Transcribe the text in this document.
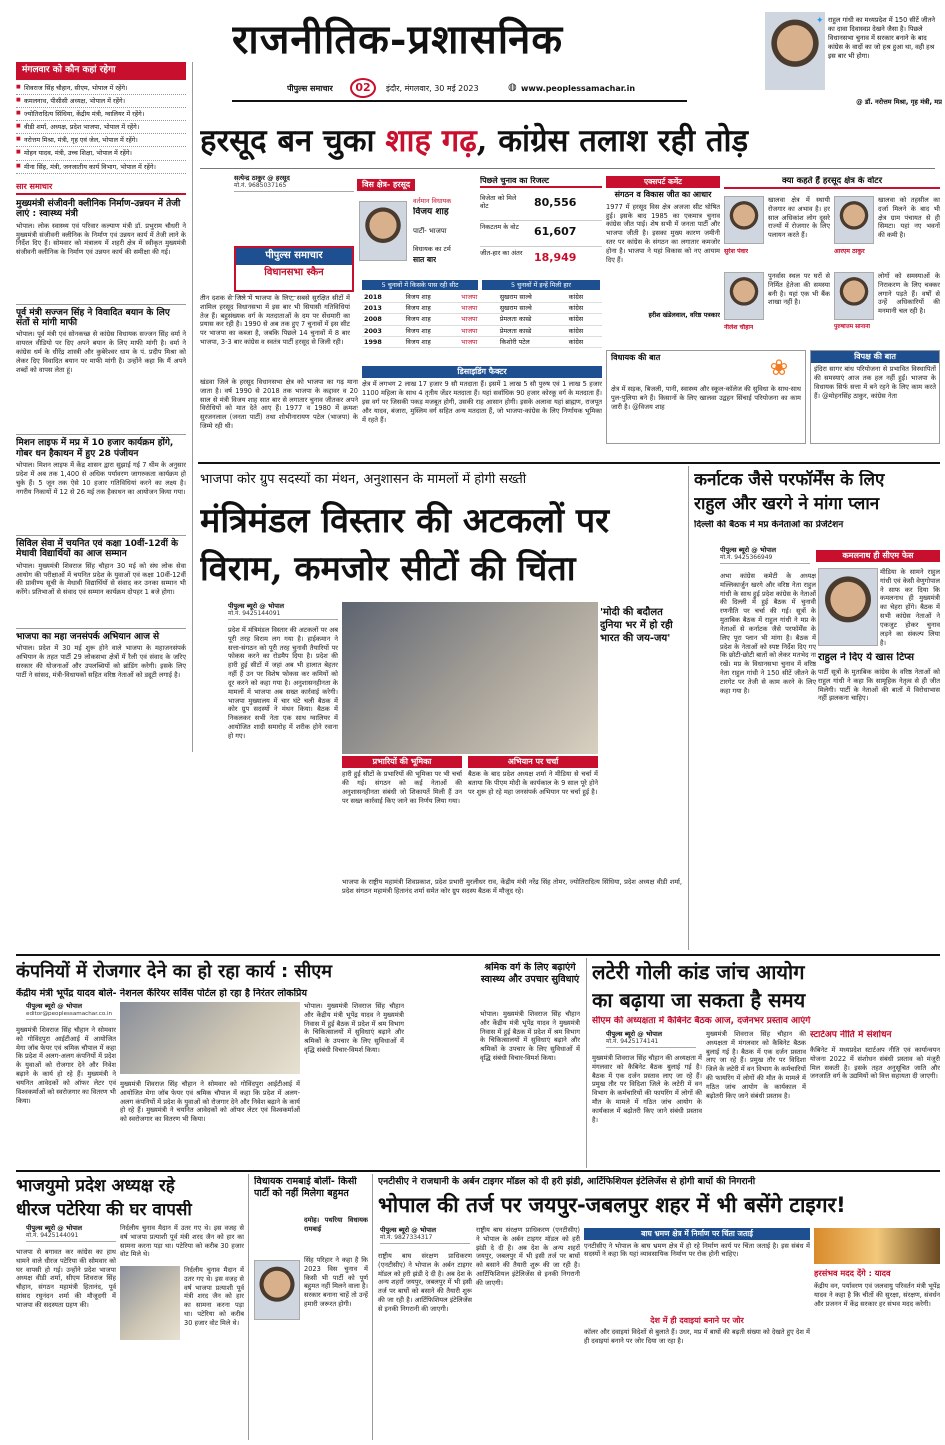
राजनीतिक-प्रशासनिक
पीपुल्स समाचार	02	इंदौर, मंगलवार, 30 मई 2023	◍ www.peoplessamachar.in
✦ राहुल गांधी का मध्यप्रदेश में 150 सीटें जीतने का दावा दिवास्वप्न देखने जैसा है। पिछले विधानसभा चुनाव में सरकार बनाने के बाद कांग्रेस के वादों का जो हश्र हुआ था, वही हश्र इस बार भी होगा।
@ डॉ. नरोत्तम मिश्रा, गृह मंत्री, मप्र
मंगलवार को कौन कहां रहेगा
■ शिवराज सिंह चौहान, सीएम, भोपाल में रहेंगे।
■ कमलनाथ, पीसीसी अध्यक्ष, भोपाल में रहेंगे।
■ ज्योतिरादित्य सिंधिया, केंद्रीय मंत्री, ग्वालियर में रहेंगे।
■ वीडी शर्मा, अध्यक्ष, प्रदेश भाजपा, भोपाल में रहेंगे।
■ नरोत्तम मिश्रा, मंत्री, गृह एवं जेल, भोपाल में रहेंगे।
■ मोहन यादव, मंत्री, उच्च शिक्षा, भोपाल में रहेंगे।
■ मीना सिंह, मंत्री, जनजातीय कार्य विभाग, भोपाल में रहेंगे।
सार समाचार
मुख्यमंत्री संजीवनी क्लीनिक निर्माण-उन्नयन में तेजी लाएं : स्वास्थ्य मंत्री
भोपाल। लोक स्वास्थ्य एवं परिवार कल्याण मंत्री डॉ. प्रभुराम चौधरी ने मुख्यमंत्री संजीवनी क्लीनिक के निर्माण एवं उन्नयन कार्य में तेजी लाने के निर्देश दिए हैं। सोमवार को मंत्रालय में शहरी क्षेत्र में स्वीकृत मुख्यमंत्री संजीवनी क्लीनिक के निर्माण एवं उन्नयन कार्य की समीक्षा की गई।
पूर्व मंत्री सज्जन सिंह ने विवादित बयान के लिए संतों से मांगी माफी
भोपाल। पूर्व मंत्री एवं सोनकच्छ से कांग्रेस विधायक सज्जन सिंह वर्मा ने वायरल वीडियो पर दिए अपने बयान के लिए माफी मांगी है। वर्मा ने कांग्रेस धर्म के धीरेंद्र शास्त्री और कुबेरेश्वर धाम के पं. प्रदीप मिश्रा को लेकर दिए विवादित बयान पर माफी मांगी है। उन्होंने कहा कि मैं अपने शब्दों को वापस लेता हूं।
मिशन लाइफ में मप्र में 10 हजार कार्यक्रम होंगे, गोबर धन हैकाथन में हुए 28 पंजीयन
भोपाल। मिशन लाइफ में केंद्र शासन द्वारा सुझाई गई 7 थीम के अनुसार प्रदेश में अब तक 1,400 से अधिक पर्यावरण जागरुकता कार्यक्रम हो चुके हैं। 5 जून तक ऐसे 10 हजार गतिविधियां करने का लक्ष्य है। नगरीय निकायों में 12 से 26 मई तक हैकाथन का आयोजन किया गया।
सिविल सेवा में चयनित एवं कक्षा 10वीं-12वीं के मेधावी विद्यार्थियों का आज सम्मान
भोपाल। मुख्यमंत्री शिवराज सिंह चौहान 30 मई को संघ लोक सेवा आयोग की परीक्षाओं में चयनित प्रदेश के युवाओं एवं कक्षा 10वीं-12वीं की प्रावीण्य सूची के मेधावी विद्यार्थियों से संवाद कर उनका सम्मान भी करेंगे। प्रतिभाओं से संवाद एवं सम्मान कार्यक्रम दोपहर 1 बजे होगा।
भाजपा का महा जनसंपर्क अभियान आज से
भोपाल। प्रदेश में 30 मई शुरू होने वाले भाजपा के महाजनसंपर्क अभियान के तहत पार्टी 29 लोकसभा क्षेत्रों में रैली एवं संवाद के जरिए सरकार की योजनाओं और उपलब्धियों को ब्रांडिंग करेगी। इसके लिए पार्टी ने सांसद, मंत्री-विधायकों सहित वरिष्ठ नेताओं को ड्यूटी लगाई है।
हरसूद बन चुका शाह गढ़, कांग्रेस तलाश रही तोड़
सत्येन्द्र ठाकुर @ हरसूद
मो.नं. 9685037165	विस क्षेत्र- हरसूद
वर्तमान विधायक
विजय शाह
पार्टी- भाजपा
विधायक का टर्म
सात बार
पीपुल्स समाचार
विधानसभा स्कैन
तीन दशक से जिले में भाजपा के लिए, सबसे सुरक्षित सीटों में शामिल हरसूद विधानसभा में इस बार भी सियासी गतिविधियां तेज हैं। बहुसंख्यक वर्ग के मतदाताओं के दम पर सेंधमारी का प्रयास कर रही है। 1990 से अब तक हुए 7 चुनावों में इस सीट पर भाजपा का कब्जा है, जबकि पिछले 14 चुनावों में 8 बार भाजपा, 3-3 बार कांग्रेस व स्वतंत्र पार्टी हरसूद से जिली रही।
पिछले चुनाव का रिजल्ट
विजेता को मिले वोट	80,556
निकटतम के वोट	61,607
जीत-हार का अंतर 18,949
5 चुनावों में किसके पास रही सीट	5 चुनावों में इन्हें मिली हार
2018	विजय शाह	भाजपा	सुखराम साल्वे	कांग्रेस
2013	विजय शाह	भाजपा	सुखराम साल्वे	कांग्रेस
2008	विजय शाह	भाजपा	प्रेमलता कास्डे	कांग्रेस
2003	विजय शाह	भाजपा	प्रेमलता कास्डे	कांग्रेस
1998	विजय शाह	भाजपा	किशोरी पटेल	कांग्रेस
डिसाइडिंग फैक्टर
क्षेत्र में लगभग 2 लाख 17 हजार 9 सौ मतदाता हैं। इसमें 1 लाख 5 सौ पुरुष एवं 1 लाख 5 हजार 1100 महिला के साथ 4 तृतीय जेंडर मतदाता हैं। यहां सर्वाधिक 90 हजार कोरकू वर्ग के मतदाता हैं। इस वर्ग पर जिसकी पकड़ मजबूत होगी, उसकी राह आसान होगी। इसके अलावा यहां ब्राह्मण, राजपूत और यादव, बंजारा, मुस्लिम वर्ग सहित अन्य मतदाता हैं, जो भाजपा-कांग्रेस के लिए निर्णायक भूमिका में रहते हैं।
खंडवा जिले के हरसूद विधानसभा क्षेत्र को भाजपा का गढ़ माना जाता है। वर्ष 1990 से 2018 तक भाजपा के कद्दावर व 20 साल से मंत्री विजय शाह सात बार से लगातार चुनाव जीतकर अपने विरोधियों को मात देते आए हैं। 1977 व 1980 में क्रमशः सुरजनलाल (जनता पार्टी) तथा शोभीनारायण पटेल (भाजपा) के जिम्मे रही थी।
एक्सपर्ट कमेंट
संगठन व विकास जीत का आधार
1977 में हरसूद विस क्षेत्र अजजा सीट घोषित हुई। इसके बाद 1985 का एकमात्र चुनाव कांग्रेस जीत पाई। शेष सभी में जनता पार्टी और भाजपा जीती है। इसका मुख्य कारण जमीनी स्तर पर कांग्रेस के संगठन का लगातार कमजोर होना है। भाजपा ने यहां विकास को नए आयाम दिए हैं।
हरीश खंडेलवाल, वरिष्ठ पत्रकार
क्या कहते हैं हरसूद क्षेत्र के वोटर
खालवा क्षेत्र में स्थायी रोजगार का अभाव है। हर साल अधिकांश लोग दूसरे राज्यों में रोजगार के लिए पलायन करते हैं।
सुरेश पंवार
खालवा को तहसील का दर्जा मिलने के बाद भी क्षेत्र ग्राम पंचायत से ही सिमटा। यहां नए भवनों की कमी है।
आरएम ठाकुर
पुनर्वास स्थल पर घरों से निर्मित हेतेजा की समस्या बनी है। यहां एक भी बैंक शाखा नहीं है।
नीलेश चौहान
लोगों को समस्याओं के निराकरण के लिए चक्कर लगाने पड़ते हैं। वर्षों से उन्हें अधिकारियों की मनमानी चल रही है।
पुरुषोत्तम सोनानी
विधायक की बात	❀
क्षेत्र में सड़क, बिजली, पानी, स्वास्थ्य और स्कूल-कॉलेज की सुविधा के साथ-साथ पुल-पुलिया बने हैं। किसानों के लिए खालवा उद्वहन सिंचाई परियोजना का काम जारी है। @विजय शाह
विपक्ष की बात
इंदिरा सागर बांध परियोजना से प्रभावित विस्थापितों की समस्याएं आज तक हल नहीं हुईं। भाजपा के विधायक सिर्फ सत्ता में बने रहने के लिए काम करते हैं। @मोहनसिंह ठाकुर, कांग्रेस नेता
भाजपा कोर ग्रुप सदस्यों का मंथन, अनुशासन के मामलों में होगी सख्ती
मंत्रिमंडल विस्तार की अटकलों पर
विराम, कमजोर सीटों की चिंता
पीपुल्स ब्यूरो @ भोपाल
मो.नं. 9425144091
प्रदेश में मंत्रिमंडल विस्तार की अटकलों पर अब पूरी तरह विराम लग गया है। हाईकमान ने सत्ता-संगठन को पूरी तरह चुनावी तैयारियों पर फोकस करने का रोडमैप दिया है। प्रदेश की हारी हुई सीटों में जहां अब भी हालात बेहतर नहीं हैं उन पर विशेष फोकस कर कमियों को दूर करने को कहा गया है। अनुशासनहीनता के मामलों में भाजपा अब सख्त कार्रवाई करेगी। भाजपा मुख्यालय में चार घंटे चली बैठक में कोर ग्रुप सदस्यों ने मंथन किया। बैठक में निकलकर सभी नेता एक साथ ग्वालियर में आयोजित शादी समारोह में शरीक होने रवाना हो गए।
'मोदी की बदौलत दुनिया भर में हो रही भारत की जय-जय'
प्रभारियों की भूमिका
हारी हुई सीटों के प्रभारियों की भूमिका पर भी चर्चा की गई। संगठन को कई नेताओं की अनुशासनहीनता संबंधी जो शिकायतें मिली हैं उन पर सख्त कार्रवाई किए जाने का निर्णय लिया गया।
अभियान पर चर्चा
बैठक के बाद प्रदेश अध्यक्ष शर्मा ने मीडिया से चर्चा में बताया कि पीएम मोदी के कार्यकाल के 9 साल पूरे होने पर शुरू हो रहे महा जनसंपर्क अभियान पर चर्चा हुई है।
भाजपा के राष्ट्रीय महामंत्री शिवप्रकाश, प्रदेश प्रभारी मुरलीधर राव, केंद्रीय मंत्री नरेंद्र सिंह तोमर, ज्योतिरादित्य सिंधिया, प्रदेश अध्यक्ष वीडी शर्मा, प्रदेश संगठन महामंत्री हितानंद शर्मा समेत कोर ग्रुप सदस्य बैठक में मौजूद रहे।
कर्नाटक जैसे परफॉर्मेंस के लिए
राहुल और खरगे ने मांगा प्लान
दिल्ली की बैठक में मप्र केनेताओं का प्रेजेंटेशन
पीपुल्स ब्यूरो @ भोपाल
मो.नं. 9425366949
अभा कांग्रेस कमेटी के अध्यक्ष मल्लिकार्जुन खरगे और वरिष्ठ नेता राहुल गांधी के साथ हुई प्रदेश कांग्रेस के नेताओं की दिल्ली में हुई बैठक में चुनावी रणनीति पर चर्चा की गई। सूत्रों के मुताबिक बैठक में राहुल गांधी ने मप्र के नेताओं से कर्नाटक जैसे परफॉर्मेंस के लिए पूरा प्लान भी मांगा है। बैठक में प्रदेश के नेताओं को स्पष्ट निर्देश दिए गए कि छोटी-छोटी बातों को लेकर मतभेद ना रखें। मप्र के विधानसभा चुनाव में वरिष्ठ नेता राहुल गांधी ने 150 सीटें जीतने के टारगेट पर तेजी से काम करने के लिए कहा गया है।
कमलनाथ ही सीएम फेस
मीडिया के सामने राहुल गांधी एवं केसी वेणुगोपाल ने साफ कर दिया कि कमलनाथ ही मुख्यमंत्री का चेहरा होंगे। बैठक में सभी कांग्रेस नेताओं ने एकजुट होकर चुनाव लड़ने का संकल्प लिया है।
राहुल ने दिए ये खास टिप्स
पार्टी सूत्रों के मुताबिक कांग्रेस के वरिष्ठ नेताओं को राहुल गांधी ने कहा कि सामूहिक नेतृत्व से ही जीत मिलेगी। पार्टी के नेताओं की बातों में विरोधाभास नहीं झलकना चाहिए।
कंपनियों में रोजगार देने का हो रहा कार्य : सीएम
केंद्रीय मंत्री भूपेंद्र यादव बोले- नेशनल कॅरियर सर्विस पोर्टल हो रहा है निरंतर लोकप्रिय
पीपुल्स ब्यूरो @ भोपाल
editor@peoplessamachar.co.in
मुख्यमंत्री शिवराज सिंह चौहान ने सोमवार को गोविंदपुरा आईटीआई में आयोजित मेगा जॉब फेयर एवं श्रमिक चौपाल में कहा कि प्रदेश में अलग-अलग कंपनियों में प्रदेश के युवाओं को रोजगार देने और निवेश बढ़ाने के कार्य हो रहे हैं। मुख्यमंत्री ने चयनित आवेदकों को ऑफर लेटर एवं विश्वकर्माओं को स्वरोजगार का वितरण भी किया।
मुख्यमंत्री शिवराज सिंह चौहान ने सोमवार को गोविंदपुरा आईटीआई में आयोजित मेगा जॉब फेयर एवं श्रमिक चौपाल में कहा कि प्रदेश में अलग-अलग कंपनियों में प्रदेश के युवाओं को रोजगार देने और निवेश बढ़ाने के कार्य हो रहे हैं। मुख्यमंत्री ने चयनित आवेदकों को ऑफर लेटर एवं विश्वकर्माओं को स्वरोजगार का वितरण भी किया।
भोपाल। मुख्यमंत्री शिवराज सिंह चौहान और केंद्रीय मंत्री भूपेंद्र यादव ने मुख्यमंत्री निवास में हुई बैठक में प्रदेश में श्रम विभाग के चिकित्सालयों में सुविधाएं बढ़ाने और श्रमिकों के उपचार के लिए सुविधाओं में वृद्धि संबंधी विचार-विमर्श किया।
श्रमिक वर्ग के लिए बढ़ाएंगे स्वास्थ्य और उपचार सुविधाएं
भोपाल। मुख्यमंत्री शिवराज सिंह चौहान और केंद्रीय मंत्री भूपेंद्र यादव ने मुख्यमंत्री निवास में हुई बैठक में प्रदेश में श्रम विभाग के चिकित्सालयों में सुविधाएं बढ़ाने और श्रमिकों के उपचार के लिए सुविधाओं में वृद्धि संबंधी विचार-विमर्श किया।
लटेरी गोली कांड जांच आयोग
का बढ़ाया जा सकता है समय
सीएम की अध्यक्षता में कैबिनेट बैठक आज, दर्जनभर प्रस्ताव आएंगे
पीपुल्स ब्यूरो @ भोपाल
मो.नं. 9425174141
मुख्यमंत्री शिवराज सिंह चौहान की अध्यक्षता में मंगलवार को कैबिनेट बैठक बुलाई गई है। बैठक में एक दर्जन प्रस्ताव लाए जा रहे हैं। प्रमुख तौर पर विदिशा जिले के लटेरी में वन विभाग के कर्मचारियों की फायरिंग में लोगों की मौत के मामले में गठित जांच आयोग के कार्यकाल में बढ़ोतरी किए जाने संबंधी प्रस्ताव है।
मुख्यमंत्री शिवराज सिंह चौहान की अध्यक्षता में मंगलवार को कैबिनेट बैठक बुलाई गई है। बैठक में एक दर्जन प्रस्ताव लाए जा रहे हैं। प्रमुख तौर पर विदिशा जिले के लटेरी में वन विभाग के कर्मचारियों की फायरिंग में लोगों की मौत के मामले में गठित जांच आयोग के कार्यकाल में बढ़ोतरी किए जाने संबंधी प्रस्ताव है।
स्टार्टअप नीति में संशोधन
कैबिनेट में मध्यप्रदेश स्टार्टअप नीति एवं कार्यान्वयन योजना 2022 में संशोधन संबंधी प्रस्ताव को मंजूरी मिल सकती है। इसके तहत अनुसूचित जाति और जनजाति वर्ग के उद्यमियों को वित्त सहायता दी जाएगी।
भाजयुमो प्रदेश अध्यक्ष रहे
धीरज पटेरिया की घर वापसी
पीपुल्स ब्यूरो @ भोपाल
मो.नं. 9425144091
भाजपा से बगावत कर कांग्रेस का हाथ थामने वाले धीरज पटेरिया की सोमवार को घर वापसी हो गई। उन्होंने प्रदेश भाजपा अध्यक्ष वीडी शर्मा, सीएम शिवराज सिंह चौहान, संगठन महामंत्री हितानंद, पूर्व सांसद रघुनंदन शर्मा की मौजूदगी में भाजपा की सदस्यता ग्रहण की।
निर्दलीय चुनाव मैदान में उतर गए थे। इस वजह से वर्ष भाजपा प्रत्याशी पूर्व मंत्री शरद जैन को हार का सामना करना पड़ा था। पटेरिया को करीब 30 हजार वोट मिले थे।
निर्दलीय चुनाव मैदान में उतर गए थे। इस वजह से वर्ष भाजपा प्रत्याशी पूर्व मंत्री शरद जैन को हार का सामना करना पड़ा था। पटेरिया को करीब 30 हजार वोट मिले थे।
विधायक रामबाई बोलीं- किसी पार्टी को नहीं मिलेगा बहुमत
दमोह। पथरिया विधायक रामबाई
सिंह परिहार ने कहा है कि 2023 विस चुनाव में किसी भी पार्टी को पूर्ण बहुमत नहीं मिलने वाला है। सरकार बनाना चाहें तो उन्हें हमारी जरूरत होगी।
एनटीसीए ने राजधानी के अर्बन टाइगर मॉडल को दी हरी झंडी, आर्टिफिशियल इंटेलिजेंस से होगी बाघों की निगरानी
भोपाल की तर्ज पर जयपुर-जबलपुर शहर में भी बसेंगे टाइगर!
पीपुल्स ब्यूरो @ भोपाल
मो.नं. 9827334317
राष्ट्रीय बाघ संरक्षण प्राधिकरण (एनटीसीए) ने भोपाल के अर्बन टाइगर मॉडल को हरी झंडी दे दी है। अब देश के अन्य शहरों जयपुर, जबलपुर में भी इसी तर्ज पर बाघों को बसाने की तैयारी शुरू की जा रही है। आर्टिफिशियल इंटेलिजेंस से इनकी निगरानी की जाएगी।
राष्ट्रीय बाघ संरक्षण प्राधिकरण (एनटीसीए) ने भोपाल के अर्बन टाइगर मॉडल को हरी झंडी दे दी है। अब देश के अन्य शहरों जयपुर, जबलपुर में भी इसी तर्ज पर बाघों को बसाने की तैयारी शुरू की जा रही है। आर्टिफिशियल इंटेलिजेंस से इनकी निगरानी की जाएगी।
बाघ भ्रमण क्षेत्र में निर्माण पर चिंता जताई
एनटीसीए ने भोपाल के बाघ भ्रमण क्षेत्र में हो रहे निर्माण कार्य पर चिंता जताई है। इस संबंध में सदस्यों ने कहा कि यहां व्यावसायिक निर्माण पर रोक होनी चाहिए।
देश में ही दवाइयां बनाने पर जोर
कॉलर और दवाइयां विदेशों से बुलाते हैं। उधर, मप्र में बाघों की बढ़ती संख्या को देखते हुए देश में ही दवाइयां बनाने पर जोर दिया जा रहा है।
हरसंभव मदद देंगे : यादव
केंद्रीय वन, पर्यावरण एवं जलवायु परिवर्तन मंत्री भूपेंद्र यादव ने कहा है कि चीतों की सुरक्षा, संरक्षण, संवर्धन और प्रजनन में केंद्र सरकार हर संभव मदद करेगी।
